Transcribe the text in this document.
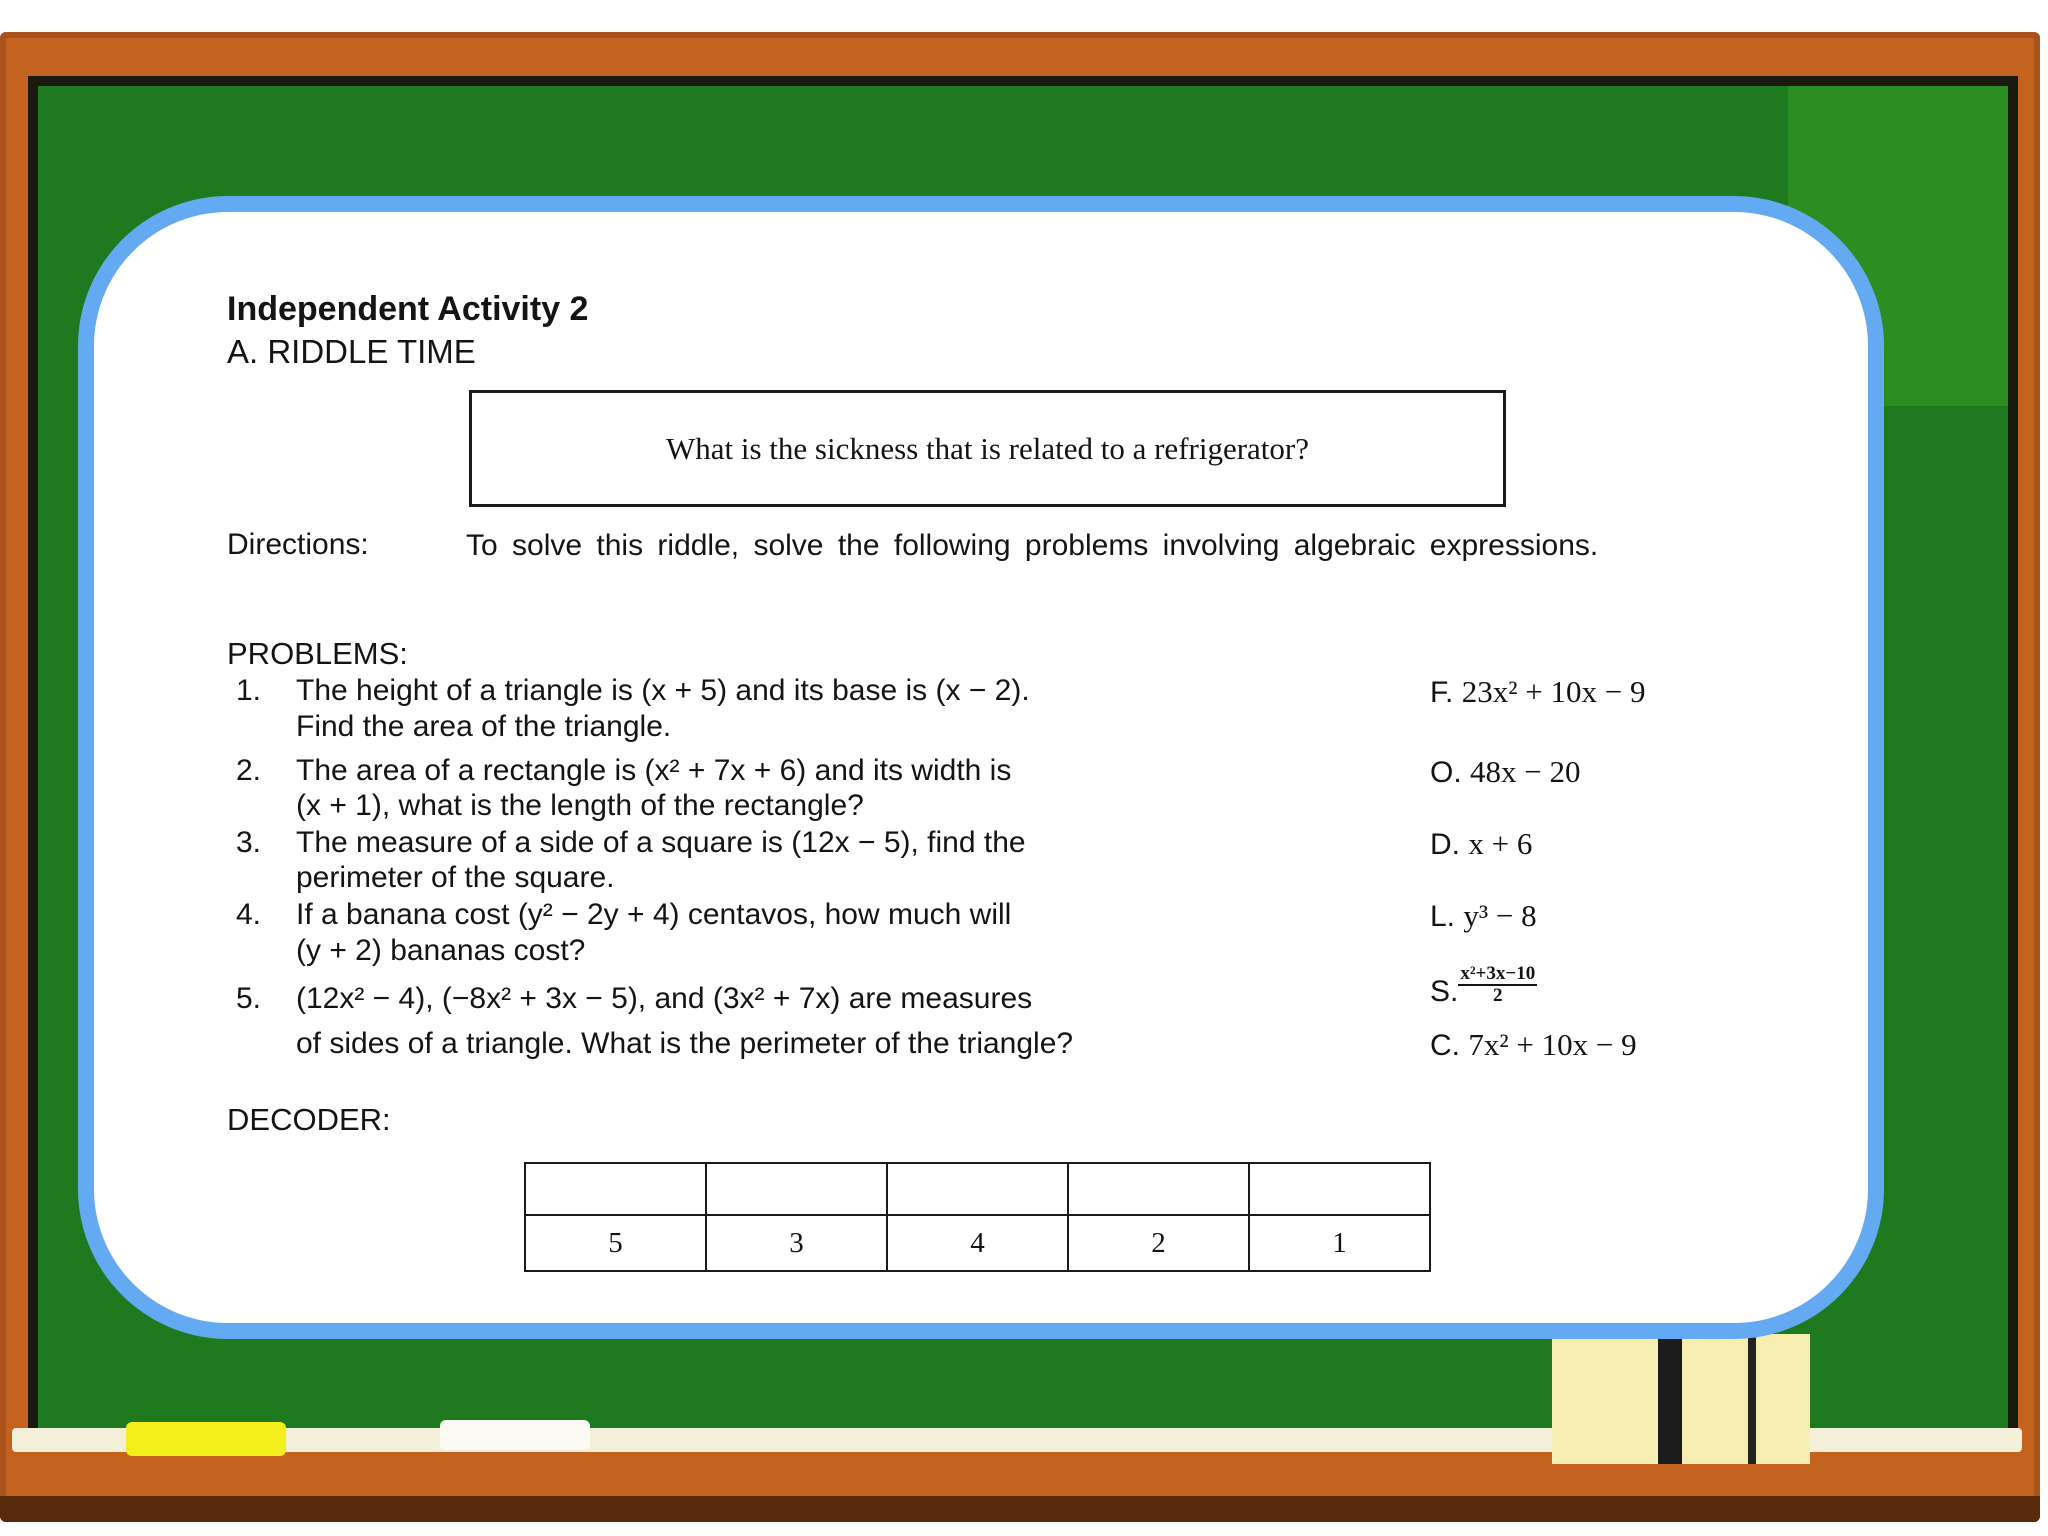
Independent Activity 2
A. RIDDLE TIME
What is the sickness that is related to a refrigerator?
Directions:	To solve this riddle, solve the following problems involving algebraic expressions.
PROBLEMS:
1. The height of a triangle is (x + 5) and its base is (x − 2).
Find the area of the triangle.
2. The area of a rectangle is (x² + 7x + 6) and its width is
(x + 1), what is the length of the rectangle?
3. The measure of a side of a square is (12x − 5), find the
perimeter of the square.
4. If a banana cost (y² − 2y + 4) centavos, how much will
(y + 2) bananas cost?
5. (12x² − 4), (−8x² + 3x − 5), and (3x² + 7x) are measures
of sides of a triangle. What is the perimeter of the triangle?
F. 23x² + 10x − 9
O. 48x − 20
D. x + 6
L. y³ − 8
S. $\frac{\text{x²+3x−10}}{2}$
C. 7x² + 10x − 9
DECODER:

5	3	4	2	1
